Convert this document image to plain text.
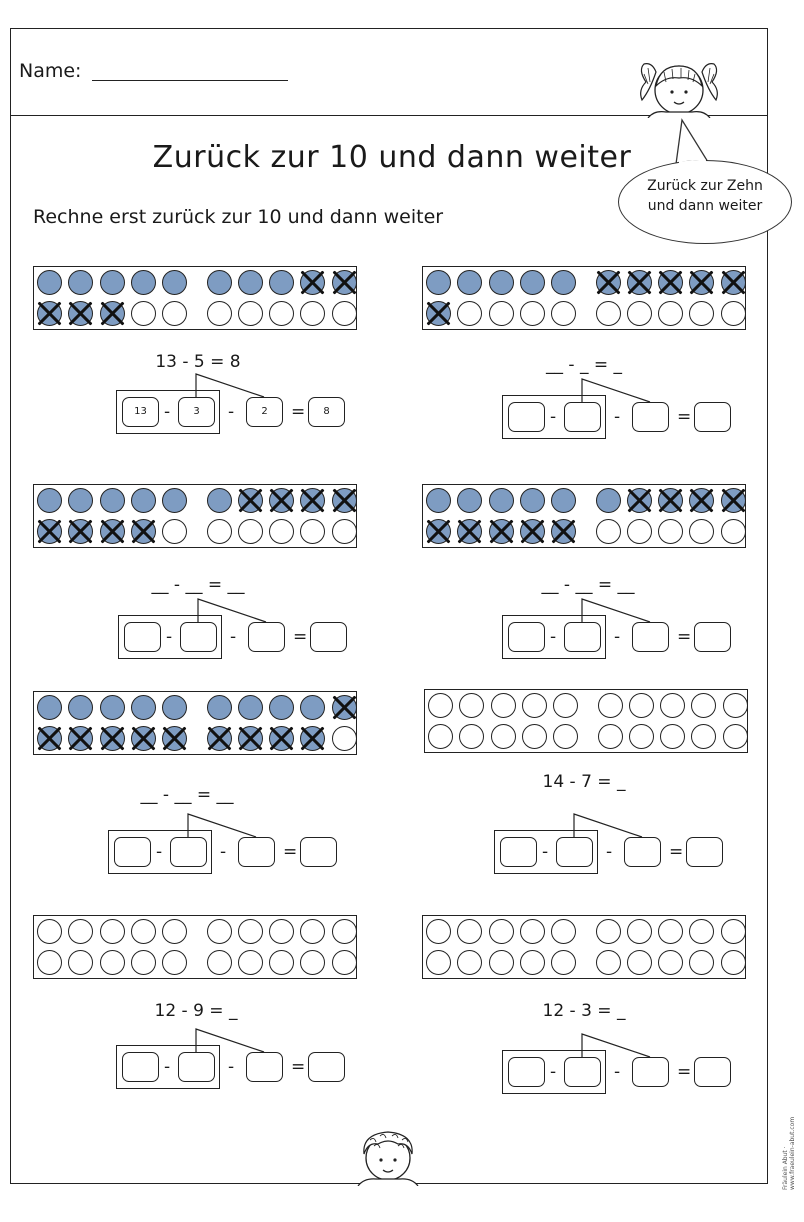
Name:
Zurück zur 10 und dann weiter
Rechne erst zurück zur 10 und dann weiter
Zurück zur Zehn
und dann weiter
13 - 5 = 8
13	-	3	-	2	=	8
__ - _ = _
-	-	=
__ - __ = __
-	-	=
__ - __ = __
-	-	=
__ - __ = __
-	-	=
14 - 7 = _
-	-	=
12 - 9 = _
-	-	=
12 - 3 = _
-	-	=
Fräulein Abut · www.fraeulein-abut.com
